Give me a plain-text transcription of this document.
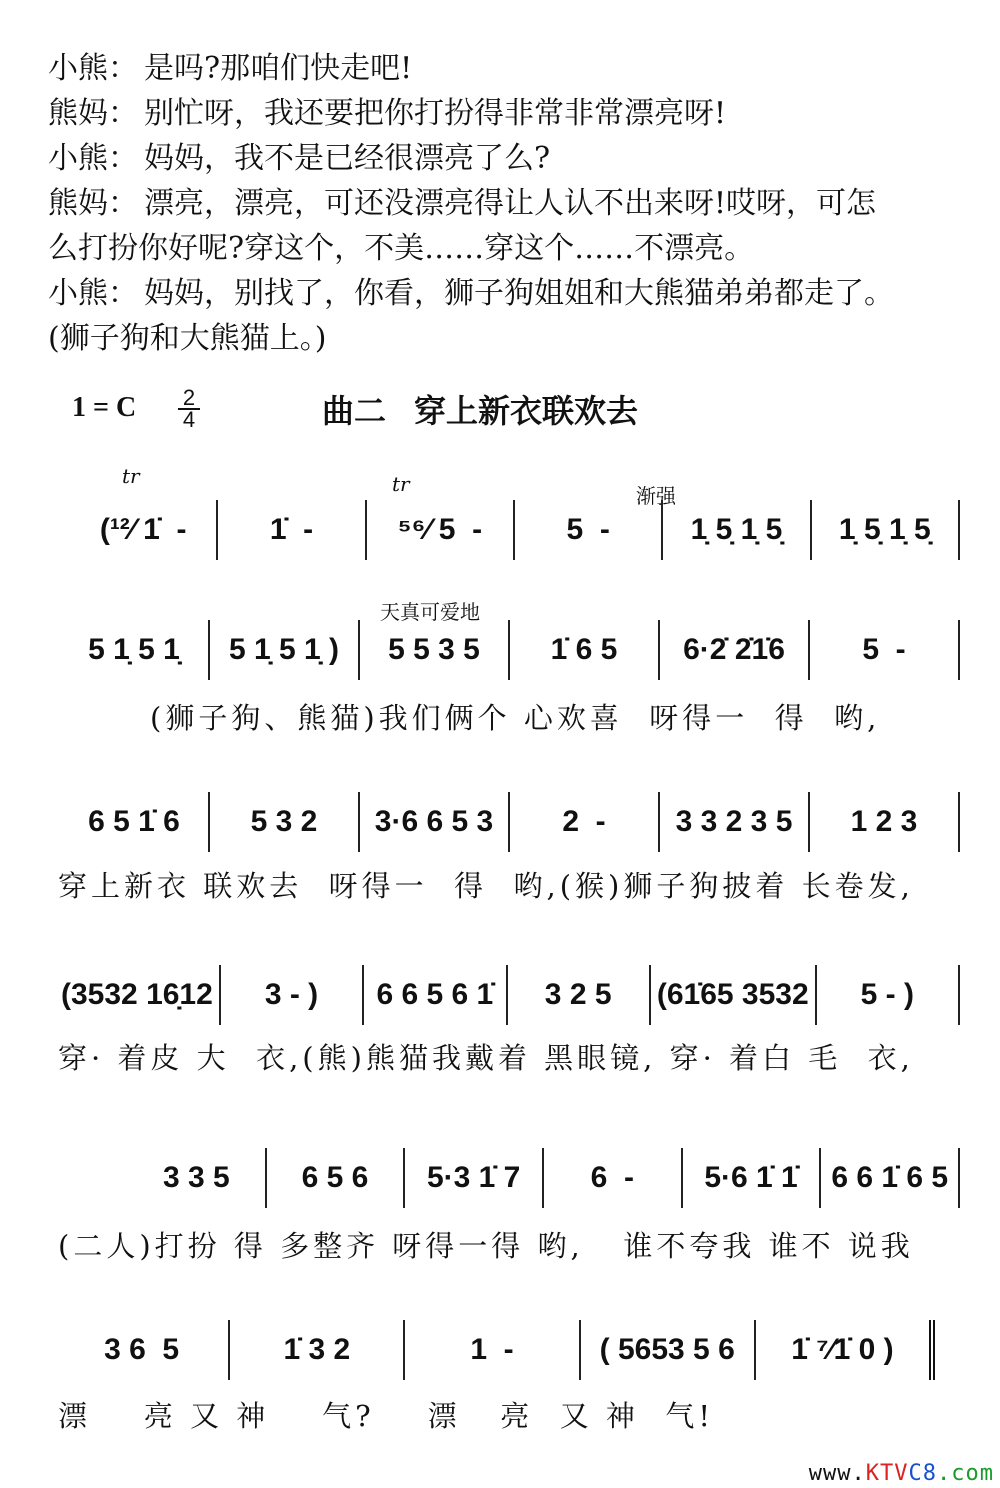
小熊： 是吗?那咱们快走吧!
熊妈： 别忙呀，我还要把你打扮得非常非常漂亮呀!
小熊： 妈妈，我不是已经很漂亮了么?
熊妈： 漂亮，漂亮，可还没漂亮得让人认不出来呀!哎呀，可怎
么打扮你好呢?穿这个，不美……穿这个……不漂亮。
小熊： 妈妈，别找了，你看，狮子狗姐姐和大熊猫弟弟都走了。
(狮子狗和大熊猫上。)
1 = C 2
4	曲二 穿上新衣联欢去
tr	tr	渐强
天真可爱地
(¹²⁄ 1̇  -	1̇  -	⁵⁶⁄ 5  -	5  -	1̣ 5̣ 1̣ 5̣	1̣ 5̣ 1̣ 5̣
5 1̣ 5 1̣	5 1̣ 5 1̣ )	5 5 3 5	1̇ 6 5	6·2̇ 2̇1̇6	5  -
(狮子狗、熊猫)我们俩个 心欢喜  呀得一  得  哟,
6 5 1̇ 6	5 3 2	3·6 6 5 3	2  -	3 3 2 3 5	1 2 3
穿上新衣 联欢去  呀得一  得  哟,(猴)狮子狗披着 长卷发,
(3532 16̣12	3 - )	6 6 5 6 1̇	3 2 5	(61̇65 3532	5 - )
穿· 着皮 大  衣,(熊)熊猫我戴着 黑眼镜, 穿· 着白 毛  衣,
3 3 5	6 5 6	5·3 1̇ 7	6  -	5·6 1̇ 1̇	6 6 1̇ 6 5
(二人)打扮 得 多整齐 呀得一得 哟,   谁不夸我 谁不 说我
3 6  5	1̇ 3 2	1  -	( 5653 5 6	1̇ ⁷⁄1̇ 0 )
漂    亮 又 神    气?    漂   亮  又 神  气!
www.KTVC8.com
